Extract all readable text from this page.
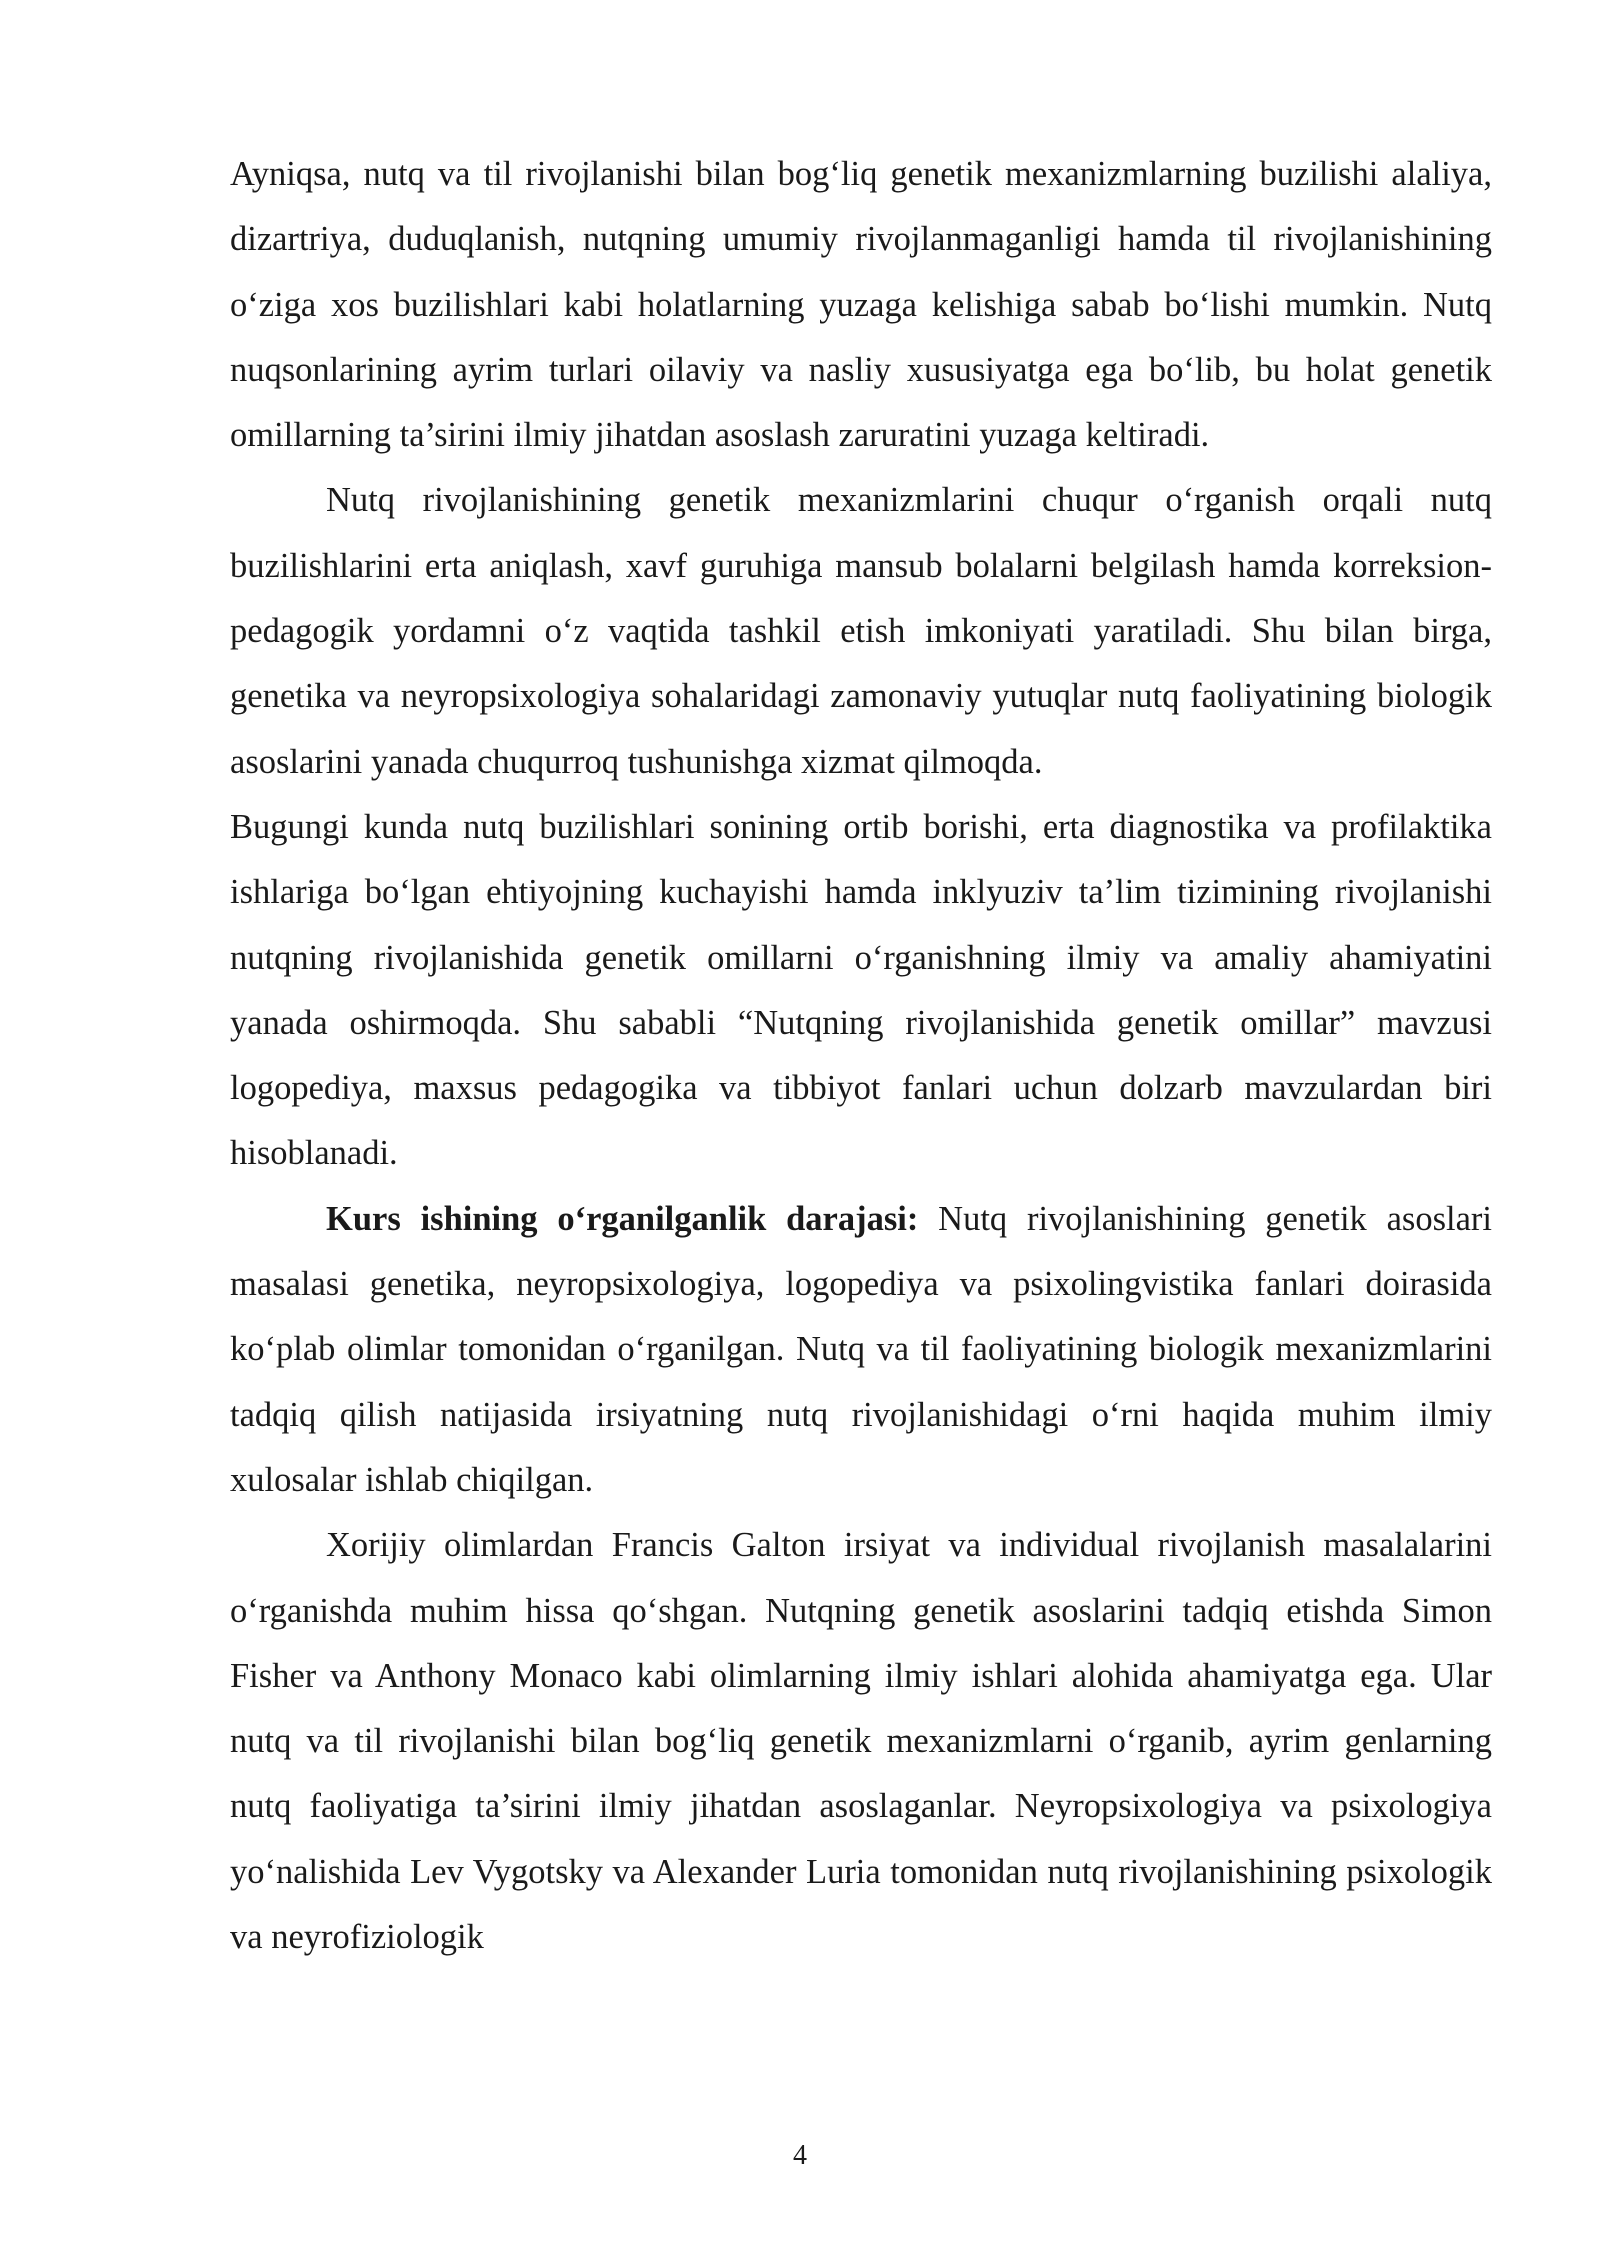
Ayniqsa, nutq va til rivojlanishi bilan bog‘liq genetik mexanizmlarning buzilishi alaliya, dizartriya, duduqlanish, nutqning umumiy rivojlanmaganligi hamda til rivojlanishining o‘ziga xos buzilishlari kabi holatlarning yuzaga kelishiga sabab bo‘lishi mumkin. Nutq nuqsonlarining ayrim turlari oilaviy va nasliy xususiyatga ega bo‘lib, bu holat genetik omillarning ta’sirini ilmiy jihatdan asoslash zaruratini yuzaga keltiradi.

Nutq rivojlanishining genetik mexanizmlarini chuqur o‘rganish orqali nutq buzilishlarini erta aniqlash, xavf guruhiga mansub bolalarni belgilash hamda korreksion-pedagogik yordamni o‘z vaqtida tashkil etish imkoniyati yaratiladi. Shu bilan birga, genetika va neyropsixologiya sohalaridagi zamonaviy yutuqlar nutq faoliyatining biologik asoslarini yanada chuqurroq tushunishga xizmat qilmoqda.

Bugungi kunda nutq buzilishlari sonining ortib borishi, erta diagnostika va profilaktika ishlariga bo‘lgan ehtiyojning kuchayishi hamda inklyuziv ta’lim tizimining rivojlanishi nutqning rivojlanishida genetik omillarni o‘rganishning ilmiy va amaliy ahamiyatini yanada oshirmoqda. Shu sababli “Nutqning rivojlanishida genetik omillar” mavzusi logopediya, maxsus pedagogika va tibbiyot fanlari uchun dolzarb mavzulardan biri hisoblanadi.

Kurs ishining o‘rganilganlik darajasi: Nutq rivojlanishining genetik asoslari masalasi genetika, neyropsixologiya, logopediya va psixolingvistika fanlari doirasida ko‘plab olimlar tomonidan o‘rganilgan. Nutq va til faoliyatining biologik mexanizmlarini tadqiq qilish natijasida irsiyatning nutq rivojlanishidagi o‘rni haqida muhim ilmiy xulosalar ishlab chiqilgan.

Xorijiy olimlardan Francis Galton irsiyat va individual rivojlanish masalalarini o‘rganishda muhim hissa qo‘shgan. Nutqning genetik asoslarini tadqiq etishda Simon Fisher va Anthony Monaco kabi olimlarning ilmiy ishlari alohida ahamiyatga ega. Ular nutq va til rivojlanishi bilan bog‘liq genetik mexanizmlarni o‘rganib, ayrim genlarning nutq faoliyatiga ta’sirini ilmiy jihatdan asoslaganlar. Neyropsixologiya va psixologiya yo‘nalishida Lev Vygotsky va Alexander Luria tomonidan nutq rivojlanishining psixologik va neyrofiziologik

4
